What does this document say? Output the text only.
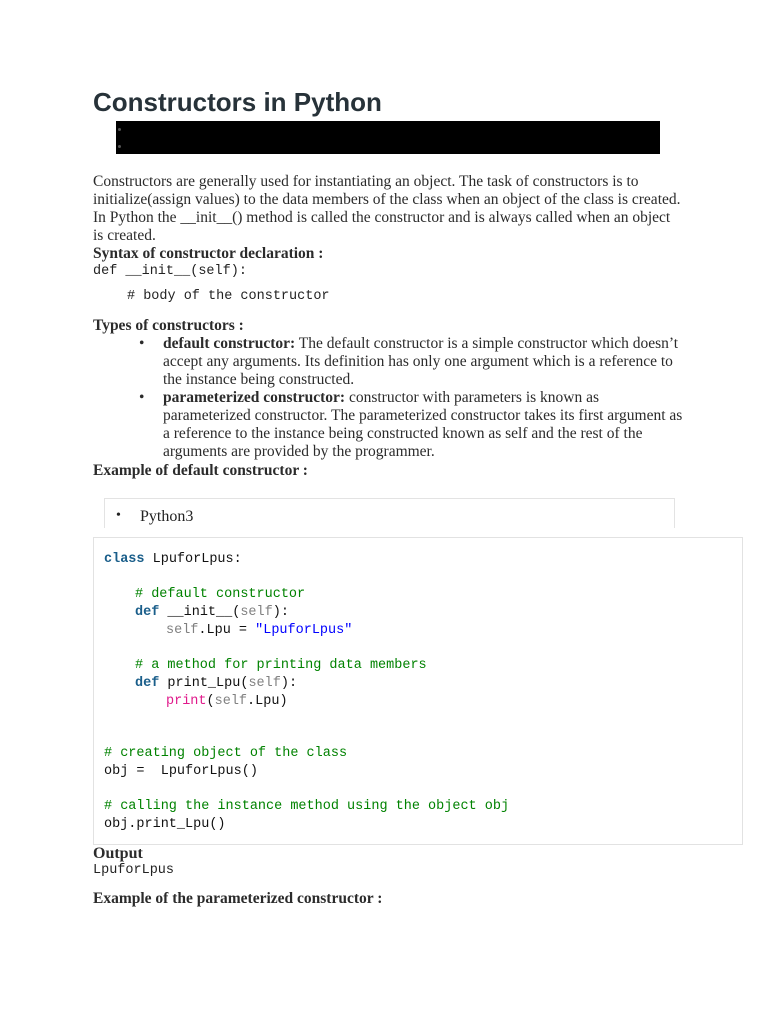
Constructors in Python
Constructors are generally used for instantiating an object. The task of constructors is to initialize(assign values) to the data members of the class when an object of the class is created. In Python the __init__() method is called the constructor and is always called when an object is created.
Syntax of constructor declaration :
def __init__(self):
# body of the constructor
Types of constructors :
• default constructor: The default constructor is a simple constructor which doesn’t accept any arguments. Its definition has only one argument which is a reference to the instance being constructed.
• parameterized constructor: constructor with parameters is known as parameterized constructor. The parameterized constructor takes its first argument as a reference to the instance being constructed known as self and the rest of the arguments are provided by the programmer.
Example of default constructor :
• Python3
class LpuforLpus:
# default constructor
def __init__(self):
self.Lpu = "LpuforLpus"
# a method for printing data members
def print_Lpu(self):
print(self.Lpu)
# creating object of the class
obj =  LpuforLpus()
# calling the instance method using the object obj
obj.print_Lpu()
Output
LpuforLpus
Example of the parameterized constructor :
